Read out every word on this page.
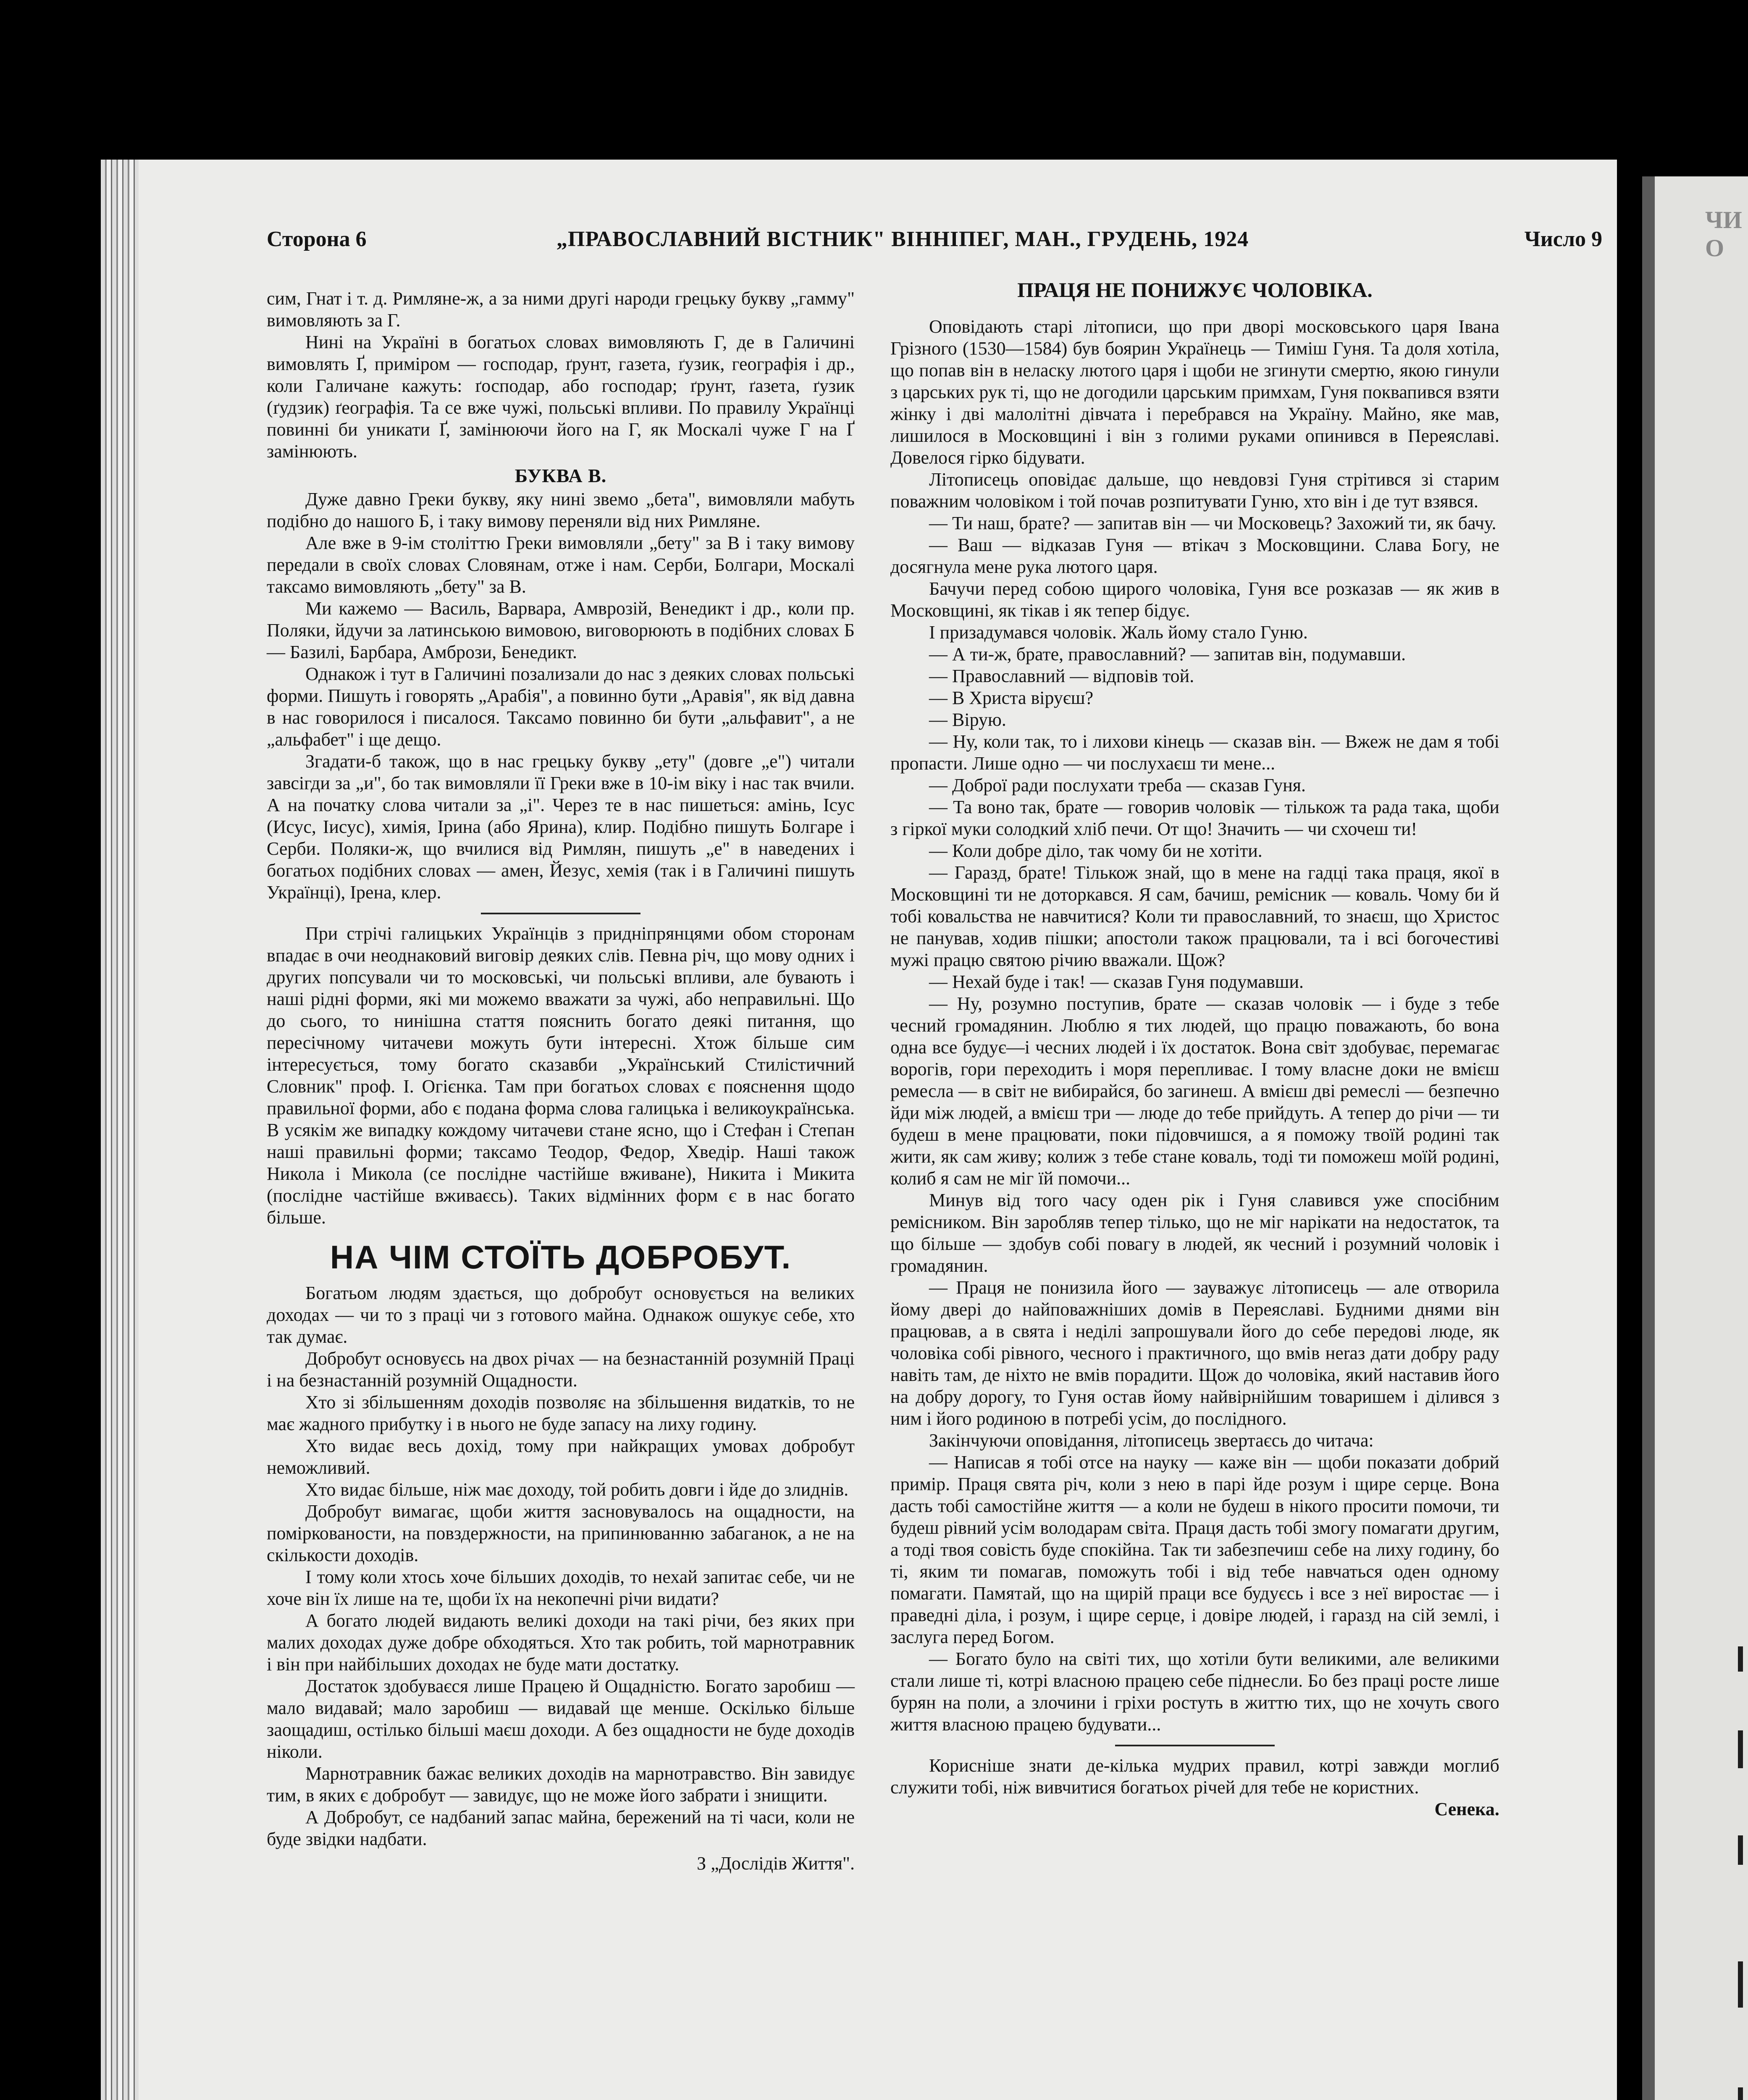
ЧИ О
Сторона 6	„ПРАВОСЛАВНИЙ ВІСТНИК" ВІННІПЕГ, МАН., ГРУДЕНЬ, 1924	Число 9

сим, Гнат і т. д. Римляне-ж, а за ними другі народи грецьку букву „гамму" вимовляють за Г.

Нині на Україні в богатьох словах вимовляють Г, де в Галичині вимовлять Ґ, приміром — господар, ґрунт, газета, ґузик, географія і др., коли Галичане кажуть: ґосподар, або господар; ґрунт, ґазета, ґузик (ґудзик) ґеографія. Та се вже чужі, польські впливи. По правилу Українці повинні би уникати Ґ, замінюючи його на Г, як Москалі чуже Г на Ґ замінюють.

БУКВА В.

Дуже давно Греки букву, яку нині звемо „бета", вимовляли мабуть подібно до нашого Б, і таку вимову переняли від них Римляне.

Але вже в 9-ім століттю Греки вимовляли „бету" за В і таку вимову передали в своїх словах Словянам, отже і нам. Серби, Болгари, Москалі таксамо вимовляють „бету" за В.

Ми кажемо — Василь, Варвара, Амврозій, Венедикт і др., коли пр. Поляки, йдучи за латинською вимовою, виговорюють в подібних словах Б — Базилі, Барбара, Амбрози, Бенедикт.

Однакож і тут в Галичині позализали до нас з деяких словах польські форми. Пишуть і говорять „Арабія", а повинно бути „Аравія", як від давна в нас говорилося і писалося. Таксамо повинно би бути „альфавит", а не „альфабет" і ще дещо.

Згадати-б також, що в нас грецьку букву „ету" (довге „е") читали завсігди за „и", бо так вимовляли її Греки вже в 10-ім віку і нас так вчили. А на початку слова читали за „і". Через те в нас пишеться: амінь, Ісус (Исус, Іисус), химія, Ірина (або Ярина), клир. Подібно пишуть Болгаре і Серби. Поляки-ж, що вчилися від Римлян, пишуть „е" в наведених і богатьох подібних словах — амен, Йезус, хемія (так і в Галичині пишуть Українці), Ірена, клер.

При стрічі галицьких Українців з придніпрянцями обом сторонам впадає в очи неоднаковий виговір деяких слів. Певна річ, що мову одних і других попсували чи то московські, чи польські впливи, але бувають і наші рідні форми, які ми можемо вважати за чужі, або неправильні. Що до сього, то нинішна стаття пояснить богато деякі питання, що пересічному читачеви можуть бути інтересні. Хтож більше сим інтересується, тому богато сказавби „Український Стилістичний Словник" проф. І. Огієнка. Там при богатьох словах є пояснення щодо правильної форми, або є подана форма слова галицька і великоукраїнська. В усякім же випадку кождому читачеви стане ясно, що і Стефан і Степан наші правильні форми; таксамо Теодор, Федор, Хведір. Наші також Никола і Микола (се послідне частійше вживане), Никита і Микита (послідне частійше вживаєсь). Таких відмінних форм є в нас богато більше.

НА ЧІМ СТОЇТЬ ДОБРОБУТ.

Богатьом людям здається, що добробут основується на великих доходах — чи то з праці чи з готового майна. Однакож ошукує себе, хто так думає.

Добробут основуєсь на двох річах — на безнастанній розумній Праці і на безнастанній розумній Ощадности.

Хто зі збільшенням доходів позволяє на збільшення видатків, то не має жадного прибутку і в нього не буде запасу на лиху годину.

Хто видає весь дохід, тому при найкращих умовах добробут неможливий.

Хто видає більше, ніж має доходу, той робить довги і йде до злиднів.

Добробут вимагає, щоби життя засновувалось на ощадности, на поміркованости, на повздержности, на припинюванню забаганок, а не на скількости доходів.

І тому коли хтось хоче більших доходів, то нехай запитає себе, чи не хоче він їх лише на те, щоби їх на некопечні річи видати?

А богато людей видають великі доходи на такі річи, без яких при малих доходах дуже добре обходяться. Хто так робить, той марнотравник і він при найбільших доходах не буде мати достатку.

Достаток здобуваєся лише Працею й Ощадністю. Богато заробиш — мало видавай; мало заробиш — видавай ще менше. Оскілько більше заощадиш, остілько більші маєш доходи. А без ощадности не буде доходів ніколи.

Марнотравник бажає великих доходів на марнотравство. Він завидує тим, в яких є добробут — завидує, що не може його забрати і знищити.

А Добробут, се надбаний запас майна, бережений на ті часи, коли не буде звідки надбати.

З „Дослідів Життя".
ПРАЦЯ НЕ ПОНИЖУЄ ЧОЛОВІКА.

Оповідають старі літописи, що при дворі московського царя Івана Грізного (1530—1584) був боярин Українець — Тиміш Гуня. Та доля хотіла, що попав він в неласку лютого царя і щоби не згинути смертю, якою гинули з царських рук ті, що не догодили царським примхам, Гуня поквапився взяти жінку і дві малолітні дівчата і перебрався на Україну. Майно, яке мав, лишилося в Московщині і він з голими руками опинився в Переяславі. Довелося гірко бідувати.

Літописець оповідає дальше, що невдовзі Гуня стрітився зі старим поважним чоловіком і той почав розпитувати Гуню, хто він і де тут взявся.

— Ти наш, брате? — запитав він — чи Московець? Захожий ти, як бачу.

— Ваш — відказав Гуня — втікач з Московщини. Слава Богу, не досягнула мене рука лютого царя.

Бачучи перед собою щирого чоловіка, Гуня все розказав — як жив в Московщині, як тікав і як тепер бідує.

І призадумався чоловік. Жаль йому стало Гуню.

— А ти-ж, брате, православний? — запитав він, подумавши.

— Православний — відповів той.

— В Христа віруєш?

— Вірую.

— Ну, коли так, то і лихови кінець — сказав він. — Вжеж не дам я тобі пропасти. Лише одно — чи послухаєш ти мене...

— Доброї ради послухати треба — сказав Гуня.

— Та воно так, брате — говорив чоловік — тількож та рада така, щоби з гіркої муки солодкий хліб печи. От що! Значить — чи схочеш ти!

— Коли добре діло, так чому би не хотіти.

— Гаразд, брате! Тількож знай, що в мене на гадці така праця, якої в Московщині ти не доторкався. Я сам, бачиш, ремісник — коваль. Чому би й тобі ковальства не навчитися? Коли ти православний, то знаєш, що Христос не панував, ходив пішки; апостоли також працювали, та і всі богочестиві мужі працю святою річию вважали. Щож?

— Нехай буде і так! — сказав Гуня подумавши.

— Ну, розумно поступив, брате — сказав чоловік — і буде з тебе чесний громадянин. Люблю я тих людей, що працю поважають, бо вона одна все будує—і чесних людей і їх достаток. Вона світ здобуває, перемагає ворогів, гори переходить і моря перепливає. І тому власне доки не вмієш ремесла — в світ не вибирайся, бо загинеш. А вмієш дві ремеслі — безпечно йди між людей, а вмієш три — люде до тебе прийдуть. А тепер до річи — ти будеш в мене працювати, поки підовчишся, а я поможу твоїй родині так жити, як сам живу; колиж з тебе стане коваль, тоді ти поможеш моїй родині, колиб я сам не міг їй помочи...

Минув від того часу оден рік і Гуня славився уже спосібним ремісником. Він заробляв тепер тілько, що не міг нарікати на недостаток, та що більше — здобув собі повагу в людей, як чесний і розумний чоловік і громадянин.

— Праця не понизила його — зауважує літописець — але отворила йому двері до найповажніших домів в Переяславі. Будними днями він працював, а в свята і неділі запрошували його до себе передові люде, як чоловіка собі рівного, чесного і практичного, що вмів неraз дати добру раду навіть там, де ніхто не вмів порадити. Щож до чоловіка, який наставив його на добру дорогу, то Гуня остав йому найвірнійшим товаришем і ділився з ним і його родиною в потребі усім, до послідного.

Закінчуючи оповідання, літописець звертаєсь до читача:

— Написав я тобі отсе на науку — каже він — щоби показати добрий примір. Праця свята річ, коли з нею в парі йде розум і щире серце. Вона дасть тобі самостійне життя — а коли не будеш в нікого просити помочи, ти будеш рівний усім володарам світа. Праця дасть тобі змогу помагати другим, а тоді твоя совість буде спокійна. Так ти забезпечиш себе на лиху годину, бо ті, яким ти помагав, поможуть тобі і від тебе навчаться оден одному помагати. Памятай, що на щирій праци все будуєсь і все з неї виростає — і праведні діла, і розум, і щире серце, і довіре людей, і гаразд на сій землі, і заслуга перед Богом.

— Богато було на світі тих, що хотіли бути великими, але великими стали лише ті, котрі власною працею себе піднесли. Бо без праці росте лише бурян на поли, а злочини і гріхи ростуть в життю тих, що не хочуть свого життя власною працею будувати...

Корисніше знати де-кілька мудрих правил, котрі завжди моглиб служити тобі, ніж вивчитися богатьох річей для тебе не користних.

Сенека.
